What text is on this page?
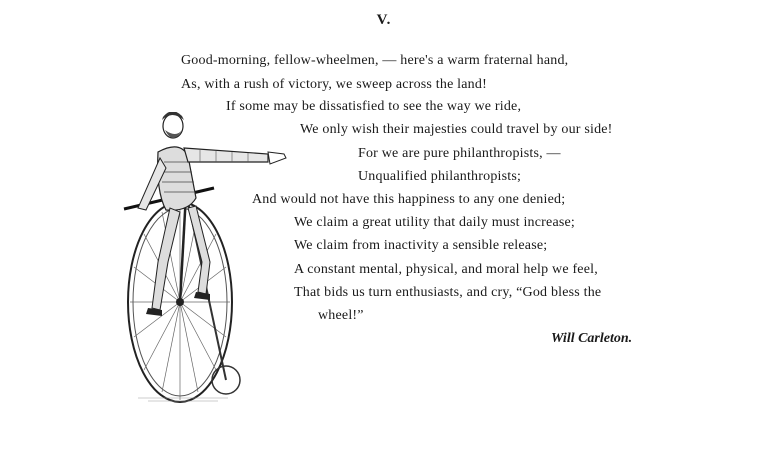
V.
Good-morning, fellow-wheelmen, — here's a warm fraternal hand,
As, with a rush of victory, we sweep across the land!
If some may be dissatisfied to see the way we ride,
We only wish their majesties could travel by our side!
For we are pure philanthropists, —
Unqualified philanthropists;
And would not have this happiness to any one denied;
We claim a great utility that daily must increase;
We claim from inactivity a sensible release;
A constant mental, physical, and moral help we feel,
That bids us turn enthusiasts, and cry, “God bless the
wheel!”
Will Carleton.
